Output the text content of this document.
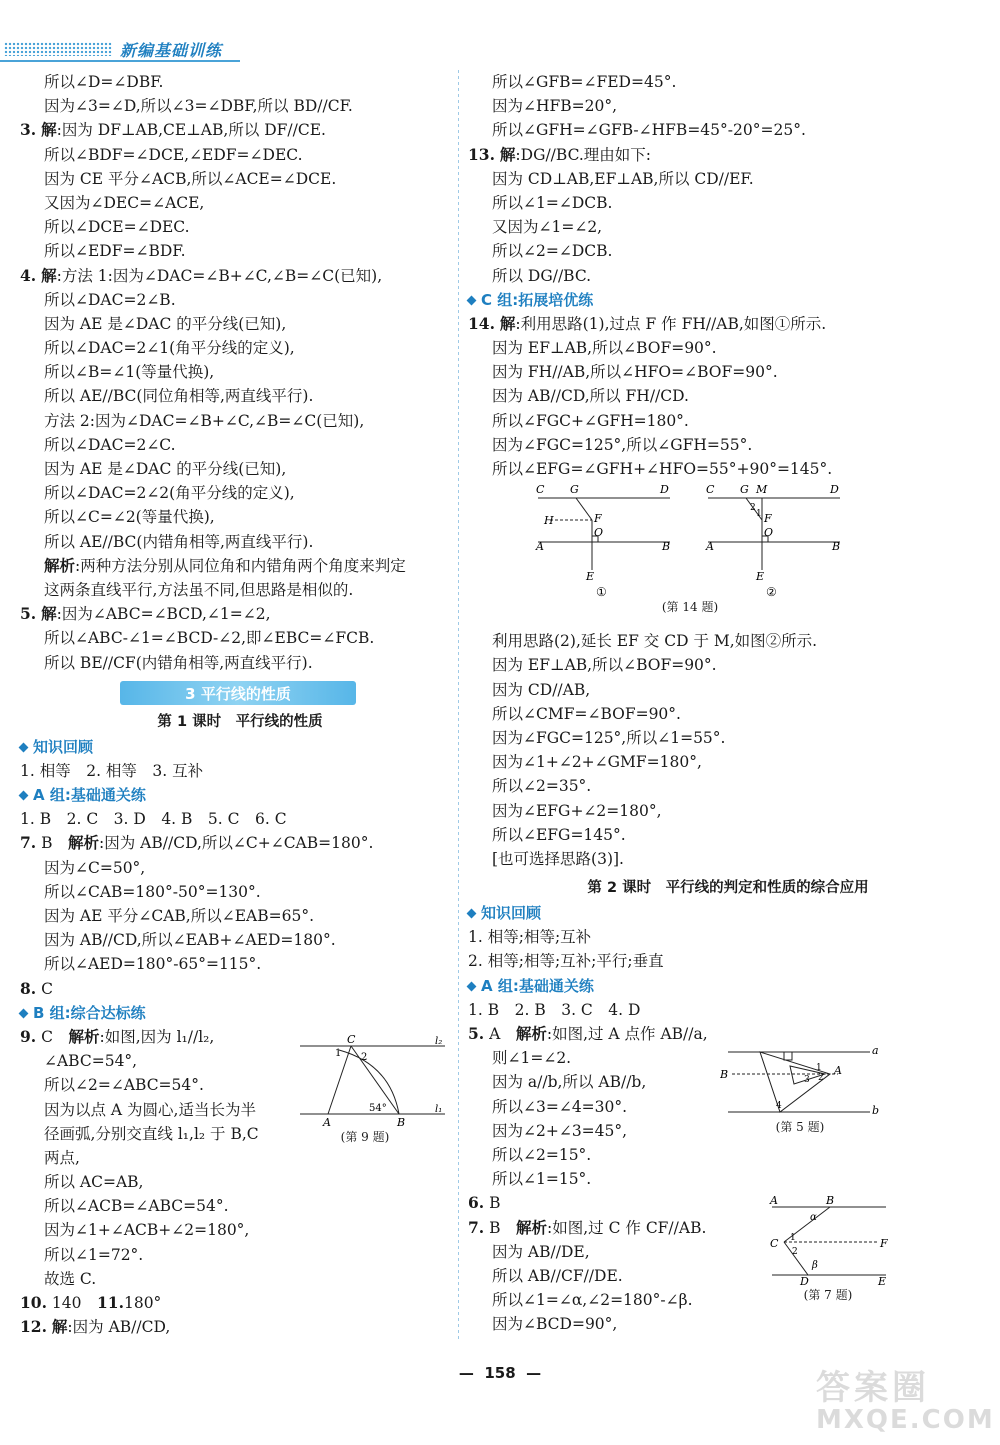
新编基础训练
所以∠D=∠DBF.
因为∠3=∠D,所以∠3=∠DBF,所以 BD//CF.
3. 解:因为 DF⊥AB,CE⊥AB,所以 DF//CE.
所以∠BDF=∠DCE,∠EDF=∠DEC.
因为 CE 平分∠ACB,所以∠ACE=∠DCE.
又因为∠DEC=∠ACE,
所以∠DCE=∠DEC.
所以∠EDF=∠BDF.
4. 解:方法 1:因为∠DAC=∠B+∠C,∠B=∠C(已知),
所以∠DAC=2∠B.
因为 AE 是∠DAC 的平分线(已知),
所以∠DAC=2∠1(角平分线的定义),
所以∠B=∠1(等量代换),
所以 AE//BC(同位角相等,两直线平行).
方法 2:因为∠DAC=∠B+∠C,∠B=∠C(已知),
所以∠DAC=2∠C.
因为 AE 是∠DAC 的平分线(已知),
所以∠DAC=2∠2(角平分线的定义),
所以∠C=∠2(等量代换),
所以 AE//BC(内错角相等,两直线平行).
解析:两种方法分别从同位角和内错角两个角度来判定
这两条直线平行,方法虽不同,但思路是相似的.
5. 解:因为∠ABC=∠BCD,∠1=∠2,
所以∠ABC-∠1=∠BCD-∠2,即∠EBC=∠FCB.
所以 BE//CF(内错角相等,两直线平行).
3 平行线的性质
第 1 课时　平行线的性质
知识回顾
1. 相等　2. 相等　3. 互补
A 组:基础通关练
1. B　2. C　3. D　4. B　5. C　6. C
7. B　解析:因为 AB//CD,所以∠C+∠CAB=180°.
因为∠C=50°,
所以∠CAB=180°-50°=130°.
因为 AE 平分∠CAB,所以∠EAB=65°.
因为 AB//CD,所以∠EAB+∠AED=180°.
所以∠AED=180°-65°=115°.
8. C
B 组:综合达标练
9. C　解析:如图,因为 l₁//l₂,
∠ABC=54°,
所以∠2=∠ABC=54°.
因为以点 A 为圆心,适当长为半
径画弧,分别交直线 l₁,l₂ 于 B,C
两点,
所以 AC=AB,
所以∠ACB=∠ABC=54°.
因为∠1+∠ACB+∠2=180°,
所以∠1=72°.
故选 C.
10. 140　11.180°
12. 解:因为 AB//CD,
C
1 2
54°
A	B
l₂
l₁
(第 9 题)
所以∠GFB=∠FED=45°.
因为∠HFB=20°,
所以∠GFH=∠GFB-∠HFB=45°-20°=25°.
13. 解:DG//BC.理由如下:
因为 CD⊥AB,EF⊥AB,所以 CD//EF.
所以∠1=∠DCB.
又因为∠1=∠2,
所以∠2=∠DCB.
所以 DG//BC.
C 组:拓展培优练
14. 解:利用思路(1),过点 F 作 FH//AB,如图①所示.
因为 EF⊥AB,所以∠BOF=90°.
因为 FH//AB,所以∠HFO=∠BOF=90°.
因为 AB//CD,所以 FH//CD.
所以∠FGC+∠GFH=180°.
因为∠FGC=125°,所以∠GFH=55°.
所以∠EFG=∠GFH+∠HFO=55°+90°=145°.
利用思路(2),延长 EF 交 CD 于 M,如图②所示.
因为 EF⊥AB,所以∠BOF=90°.
因为 CD//AB,
所以∠CMF=∠BOF=90°.
因为∠FGC=125°,所以∠1=55°.
因为∠1+∠2+∠GMF=180°,
所以∠2=35°.
因为∠EFG+∠2=180°,
所以∠EFG=145°.
[也可选择思路(3)].
第 2 课时　平行线的判定和性质的综合应用
知识回顾
1. 相等;相等;互补
2. 相等;相等;互补;平行;垂直
A 组:基础通关练
1. B　2. B　3. C　4. D
5. A　解析:如图,过 A 点作 AB//a,
则∠1=∠2.
因为 a//b,所以 AB//b,
所以∠3=∠4=30°.
因为∠2+∠3=45°,
所以∠2=15°.
所以∠1=15°.
6. B
7. B　解析:如图,过 C 作 CF//AB.
因为 AB//DE,
所以 AB//CF//DE.
所以∠1=∠α,∠2=180°-∠β.
因为∠BCD=90°,
C G	D
H	F
O
A	B
E
①
C G M	D
2
1 F
O
A	B
E
②
(第 14 题)
B	A
a
b
1
2
3
4
(第 5 题)
A	B
C	F
D	E
α
1
2
β
(第 7 题)
—  158  —	答案圈
MXQE.COM
